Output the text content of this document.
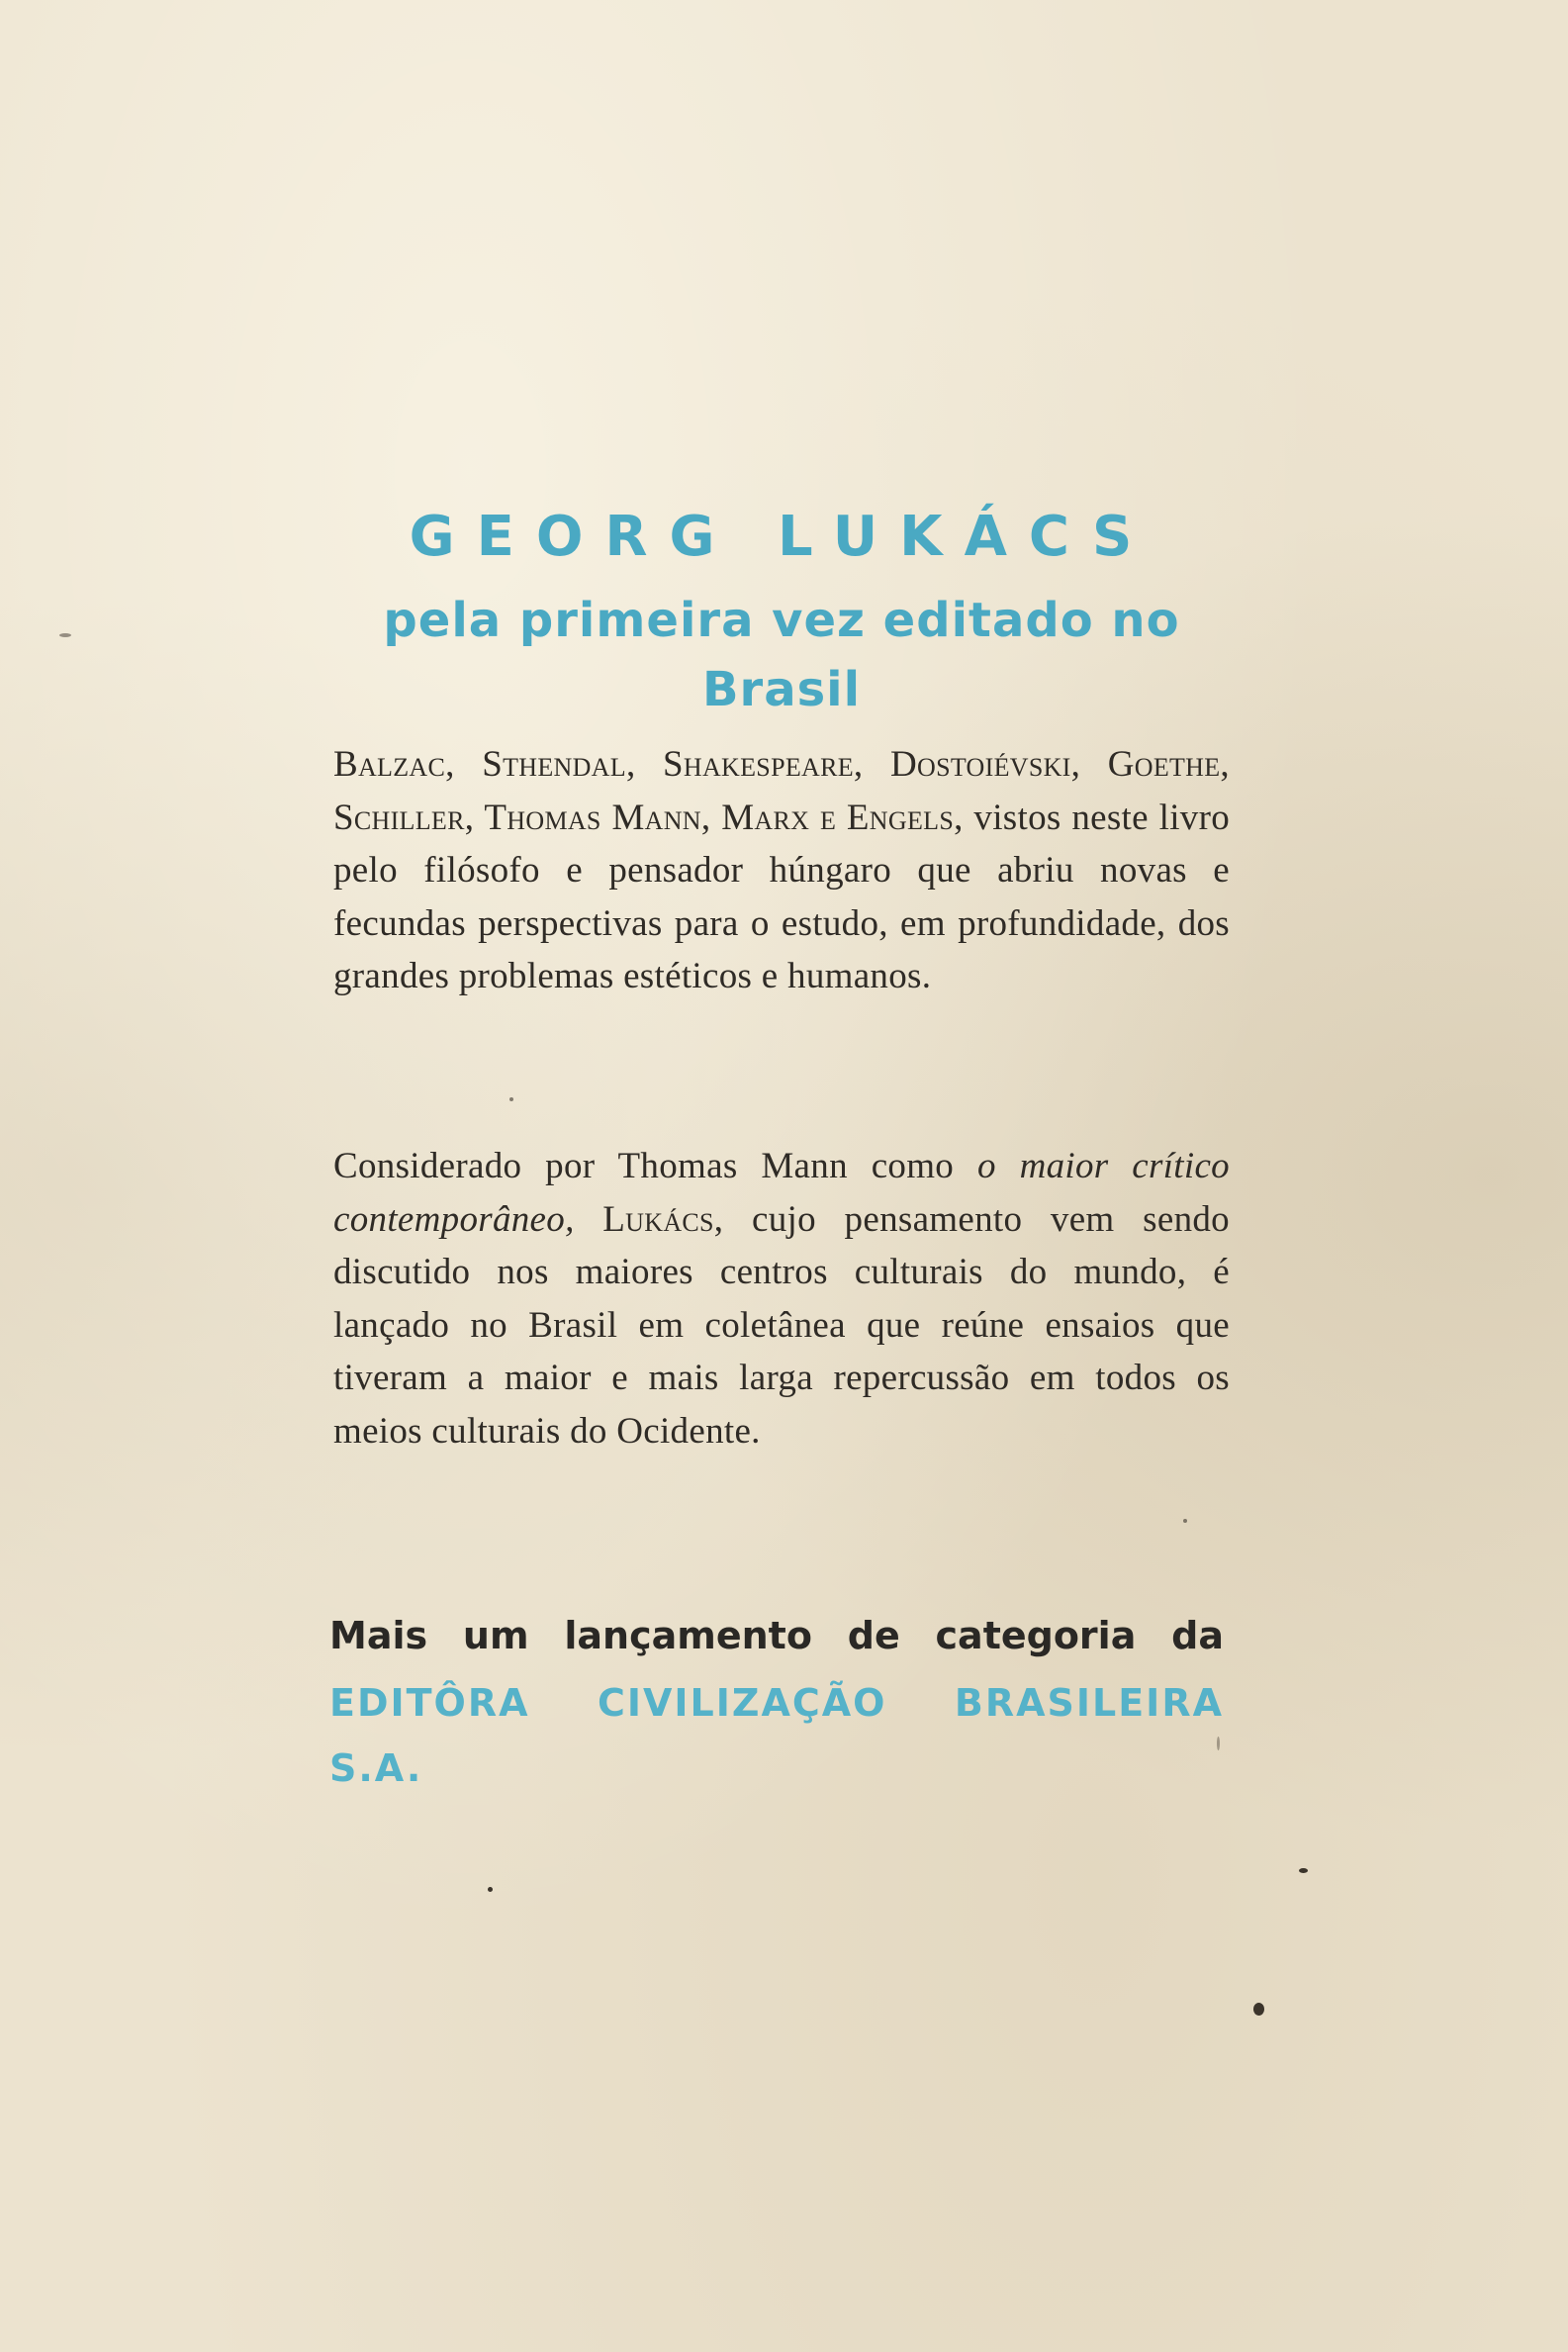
GEORG LUKÁCS
pela primeira vez editado no Brasil

Balzac, Sthendal, Shakespeare, Dostoiévski, Goethe, Schiller, Thomas Mann, Marx e Engels, vistos neste livro pelo filósofo e pensador húngaro que abriu novas e fecundas perspectivas para o estudo, em profundidade, dos grandes problemas estéticos e humanos.

Considerado por Thomas Mann como o maior crítico contemporâneo, Lukács, cujo pensamento vem sendo discutido nos maiores centros culturais do mundo, é lançado no Brasil em coletânea que reúne ensaios que tiveram a maior e mais larga repercussão em todos os meios culturais do Ocidente.

Mais um lançamento de categoria da
EDITÔRA CIVILIZAÇÃO BRASILEIRA S.A.
